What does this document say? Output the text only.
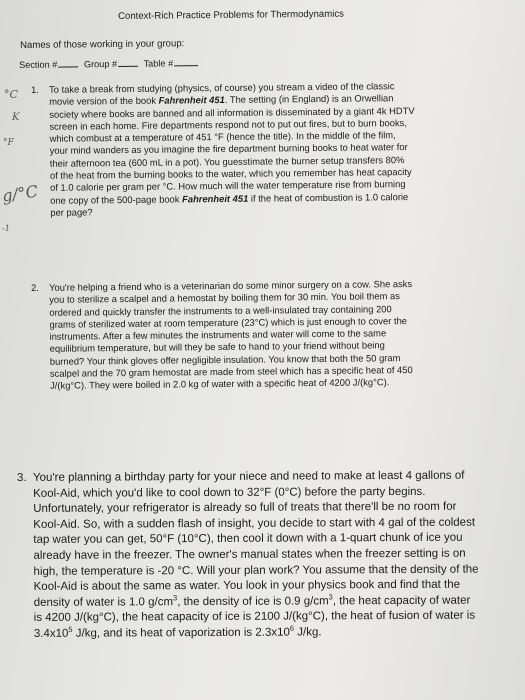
Context-Rich Practice Problems for Thermodynamics
Names of those working in your group:
Section #	Group #	Table #
°C
K
°F
g/°C
-1
1. To take a break from studying (physics, of course) you stream a video of the classic
movie version of the book Fahrenheit 451. The setting (in England) is an Orwellian
society where books are banned and all information is disseminated by a giant 4k HDTV
screen in each home. Fire departments respond not to put out fires, but to burn books,
which combust at a temperature of 451 °F (hence the title). In the middle of the film,
your mind wanders as you imagine the fire department burning books to heat water for
their afternoon tea (600 mL in a pot). You guesstimate the burner setup transfers 80%
of the heat from the burning books to the water, which you remember has heat capacity
of 1.0 calorie per gram per °C. How much will the water temperature rise from burning
one copy of the 500-page book Fahrenheit 451 if the heat of combustion is 1.0 calorie
per page?
2. You're helping a friend who is a veterinarian do some minor surgery on a cow. She asks
you to sterilize a scalpel and a hemostat by boiling them for 30 min. You boil them as
ordered and quickly transfer the instruments to a well-insulated tray containing 200
grams of sterilized water at room temperature (23°C) which is just enough to cover the
instruments. After a few minutes the instruments and water will come to the same
equilibrium temperature, but will they be safe to hand to your friend without being
burned? Your think gloves offer negligible insulation. You know that both the 50 gram
scalpel and the 70 gram hemostat are made from steel which has a specific heat of 450
J/(kg°C). They were boiled in 2.0 kg of water with a specific heat of 4200 J/(kg°C).
3. You're planning a birthday party for your niece and need to make at least 4 gallons of
Kool-Aid, which you'd like to cool down to 32°F (0°C) before the party begins.
Unfortunately, your refrigerator is already so full of treats that there'll be no room for
Kool-Aid. So, with a sudden flash of insight, you decide to start with 4 gal of the coldest
tap water you can get, 50°F (10°C), then cool it down with a 1-quart chunk of ice you
already have in the freezer. The owner's manual states when the freezer setting is on
high, the temperature is -20 °C. Will your plan work? You assume that the density of the
Kool-Aid is about the same as water. You look in your physics book and find that the
density of water is 1.0 $g/cm^3$, the density of ice is 0.9 $g/cm^3$, the heat capacity of water
is 4200 J/(kg°C), the heat capacity of ice is 2100 J/(kg°C), the heat of fusion of water is
$3.4x10^5$ J/kg, and its heat of vaporization is $2.3x10^6$ J/kg.
